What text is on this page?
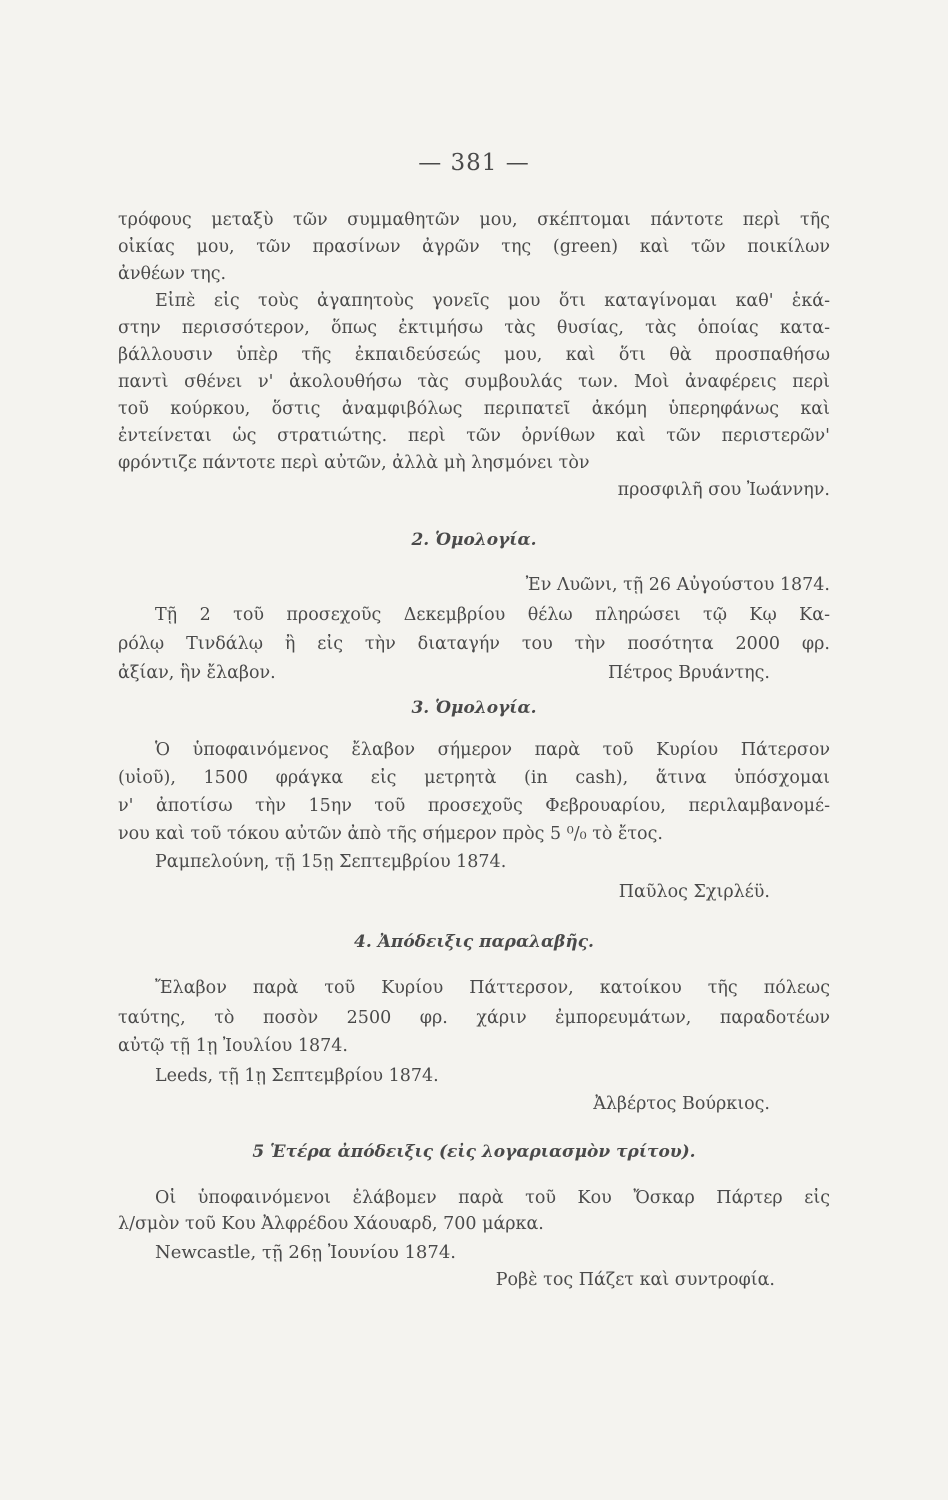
— 381 —
τρόφους μεταξὺ τῶν συμμαθητῶν μου, σκέπτομαι πάντοτε περὶ τῆς
οἰκίας μου, τῶν πρασίνων ἀγρῶν της (green) καὶ τῶν ποικίλων
ἀνθέων της.
Εἰπὲ εἰς τοὺς ἀγαπητοὺς γονεῖς μου ὅτι καταγίνομαι καθ' ἑκά-
στην περισσότερον, ὅπως ἐκτιμήσω τὰς θυσίας, τὰς ὁποίας κατα-
βάλλουσιν ὑπὲρ τῆς ἐκπαιδεύσεώς μου, καὶ ὅτι θὰ προσπαθήσω
παντὶ σθένει ν' ἀκολουθήσω τὰς συμβουλάς των. Μοὶ ἀναφέρεις περὶ
τοῦ κούρκου, ὅστις ἀναμφιβόλως περιπατεῖ ἀκόμη ὑπερηφάνως καὶ
ἐντείνεται ὡς στρατιώτης. περὶ τῶν ὀρνίθων καὶ τῶν περιστερῶν'
φρόντιζε πάντοτε περὶ αὐτῶν, ἀλλὰ μὴ λησμόνει τὸν
προσφιλῆ σου Ἰωάννην.
2. Ὁμολογία.
Ἐν Λυῶνι, τῇ 26 Αὐγούστου 1874.
Τῇ 2 τοῦ προσεχοῦς Δεκεμβρίου θέλω πληρώσει τῷ Κῳ Κα-
ρόλῳ Τινδάλῳ ἢ εἰς τὴν διαταγήν του τὴν ποσότητα 2000 φρ.
ἀξίαν, ἣν ἔλαβον.	Πέτρος Βρυάντης.
3. Ὁμολογία.
Ὁ ὑποφαινόμενος ἔλαβον σήμερον παρὰ τοῦ Κυρίου Πάτερσον
(υἱοῦ), 1500 φράγκα εἰς μετρητὰ (in cash), ἅτινα ὑπόσχομαι
ν' ἀποτίσω τὴν 15ην τοῦ προσεχοῦς Φεβρουαρίου, περιλαμβανομέ-
νου καὶ τοῦ τόκου αὐτῶν ἀπὸ τῆς σήμερον πρὸς 5 ⁰/₀ τὸ ἔτος.
Ραμπελούνη, τῇ 15ῃ Σεπτεμβρίου 1874.
Παῦλος Σχιρλέϋ.
4. Ἀπόδειξις παραλαβῆς.
Ἔλαβον παρὰ τοῦ Κυρίου Πάττερσον, κατοίκου τῆς πόλεως
ταύτης, τὸ ποσὸν 2500 φρ. χάριν ἐμπορευμάτων, παραδοτέων
αὐτῷ τῇ 1ῃ Ἰουλίου 1874.
Leeds, τῇ 1ῃ Σεπτεμβρίου 1874.
Ἀλβέρτος Βούρκιος.
5 Ἑτέρα ἀπόδειξις (εἰς λογαριασμὸν τρίτου).
Οἱ ὑποφαινόμενοι ἐλάβομεν παρὰ τοῦ Κου Ὄσκαρ Πάρτερ εἰς
λ/σμὸν τοῦ Κου Ἀλφρέδου Χάουαρδ, 700 μάρκα.
Newcastle, τῇ 26ῃ Ἰουνίου 1874.
Ροβὲ τος Πάζετ καὶ συντροφία.
